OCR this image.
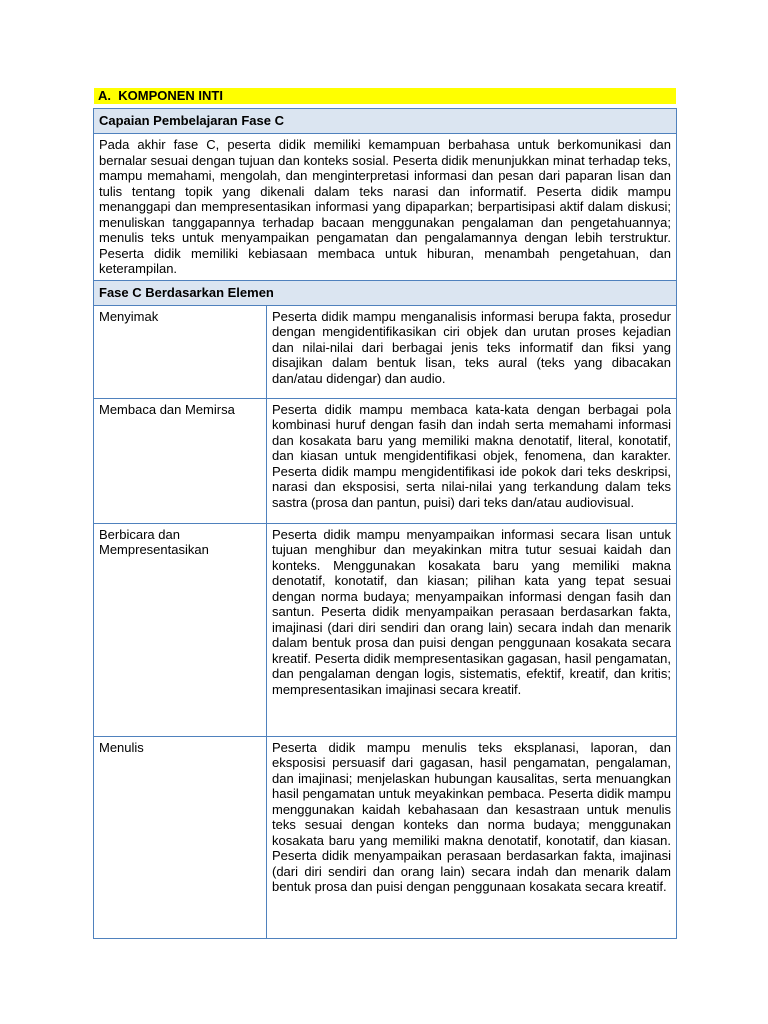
A. KOMPONEN INTI
Capaian Pembelajaran Fase C	
Pada akhir fase C, peserta didik memiliki kemampuan berbahasa untuk berkomunikasi dan bernalar sesuai dengan tujuan dan konteks sosial. Peserta didik menunjukkan minat terhadap teks, mampu memahami, mengolah, dan menginterpretasi informasi dan pesan dari paparan lisan dan tulis tentang topik yang dikenali dalam teks narasi dan informatif. Peserta didik mampu menanggapi dan mempresentasikan informasi yang dipaparkan; berpartisipasi aktif dalam diskusi; menuliskan tanggapannya terhadap bacaan menggunakan pengalaman dan pengetahuannya; menulis teks untuk menyampaikan pengamatan dan pengalamannya dengan lebih terstruktur. Peserta didik memiliki kebiasaan membaca untuk hiburan, menambah pengetahuan, dan keterampilan.	
Fase C Berdasarkan Elemen	
Menyimak	Peserta didik mampu menganalisis informasi berupa fakta, prosedur dengan mengidentifikasikan ciri objek dan urutan proses kejadian dan nilai-nilai dari berbagai jenis teks informatif dan fiksi yang disajikan dalam bentuk lisan, teks aural (teks yang dibacakan dan/atau didengar) dan audio.
Membaca dan Memirsa	Peserta didik mampu membaca kata-kata dengan berbagai pola kombinasi huruf dengan fasih dan indah serta memahami informasi dan kosakata baru yang memiliki makna denotatif, literal, konotatif, dan kiasan untuk mengidentifikasi objek, fenomena, dan karakter. Peserta didik mampu mengidentifikasi ide pokok dari teks deskripsi, narasi dan eksposisi, serta nilai-nilai yang terkandung dalam teks sastra (prosa dan pantun, puisi) dari teks dan/atau audiovisual.
Berbicara dan Mempresentasikan	Peserta didik mampu menyampaikan informasi secara lisan untuk tujuan menghibur dan meyakinkan mitra tutur sesuai kaidah dan konteks. Menggunakan kosakata baru yang memiliki makna denotatif, konotatif, dan kiasan; pilihan kata yang tepat sesuai dengan norma budaya; menyampaikan informasi dengan fasih dan santun. Peserta didik menyampaikan perasaan berdasarkan fakta, imajinasi (dari diri sendiri dan orang lain) secara indah dan menarik dalam bentuk prosa dan puisi dengan penggunaan kosakata secara kreatif. Peserta didik mempresentasikan gagasan, hasil pengamatan, dan pengalaman dengan logis, sistematis, efektif, kreatif, dan kritis; mempresentasikan imajinasi secara kreatif.
Menulis	Peserta didik mampu menulis teks eksplanasi, laporan, dan eksposisi persuasif dari gagasan, hasil pengamatan, pengalaman, dan imajinasi; menjelaskan hubungan kausalitas, serta menuangkan hasil pengamatan untuk meyakinkan pembaca. Peserta didik mampu menggunakan kaidah kebahasaan dan kesastraan untuk menulis teks sesuai dengan konteks dan norma budaya; menggunakan kosakata baru yang memiliki makna denotatif, konotatif, dan kiasan. Peserta didik menyampaikan perasaan berdasarkan fakta, imajinasi (dari diri sendiri dan orang lain) secara indah dan menarik dalam bentuk prosa dan puisi dengan penggunaan kosakata secara kreatif.
